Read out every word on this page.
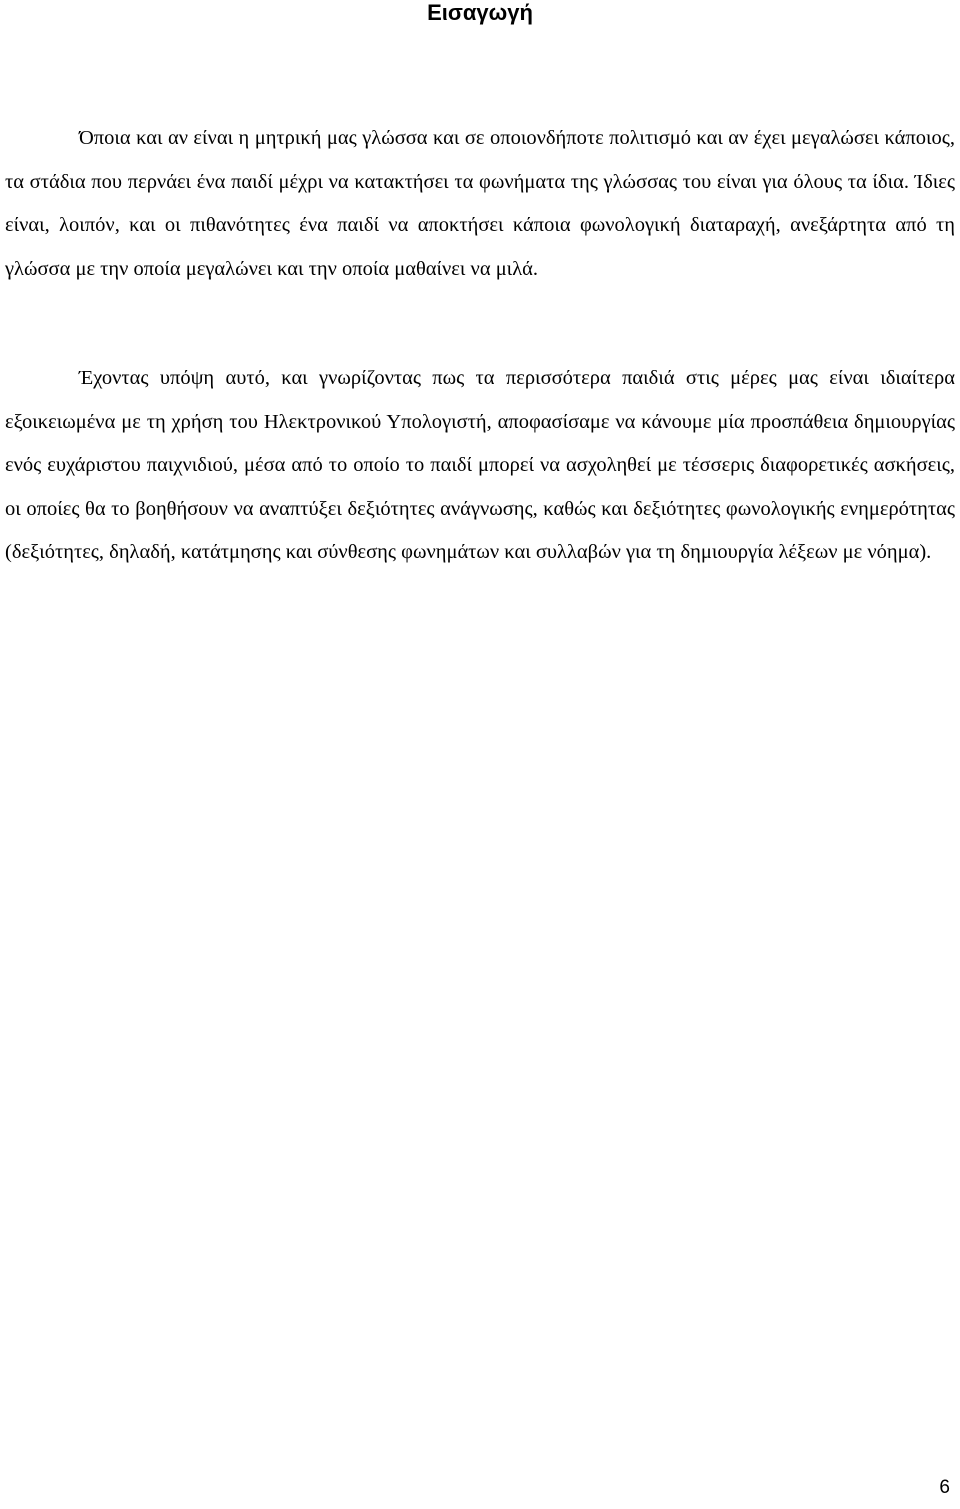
Εισαγωγή

Όποια και αν είναι η μητρική μας γλώσσα και σε οποιονδήποτε πολιτισμό και αν έχει μεγαλώσει κάποιος, τα στάδια που περνάει ένα παιδί μέχρι να κατακτήσει τα φωνήματα της γλώσσας του είναι για όλους τα ίδια. Ίδιες είναι, λοιπόν, και οι πιθανότητες ένα παιδί να αποκτήσει κάποια φωνολογική διαταραχή, ανεξάρτητα από τη γλώσσα με την οποία μεγαλώνει και την οποία μαθαίνει να μιλά.

Έχοντας υπόψη αυτό, και γνωρίζοντας πως τα περισσότερα παιδιά στις μέρες μας είναι ιδιαίτερα εξοικειωμένα με τη χρήση του Ηλεκτρονικού Υπολογιστή, αποφασίσαμε να κάνουμε μία προσπάθεια δημιουργίας ενός ευχάριστου παιχνιδιού, μέσα από το οποίο το παιδί μπορεί να ασχοληθεί με τέσσερις διαφορετικές ασκήσεις, οι οποίες θα το βοηθήσουν να αναπτύξει δεξιότητες ανάγνωσης, καθώς και δεξιότητες φωνολογικής ενημερότητας (δεξιότητες, δηλαδή, κατάτμησης και σύνθεσης φωνημάτων και συλλαβών για τη δημιουργία λέξεων με νόημα).

6
